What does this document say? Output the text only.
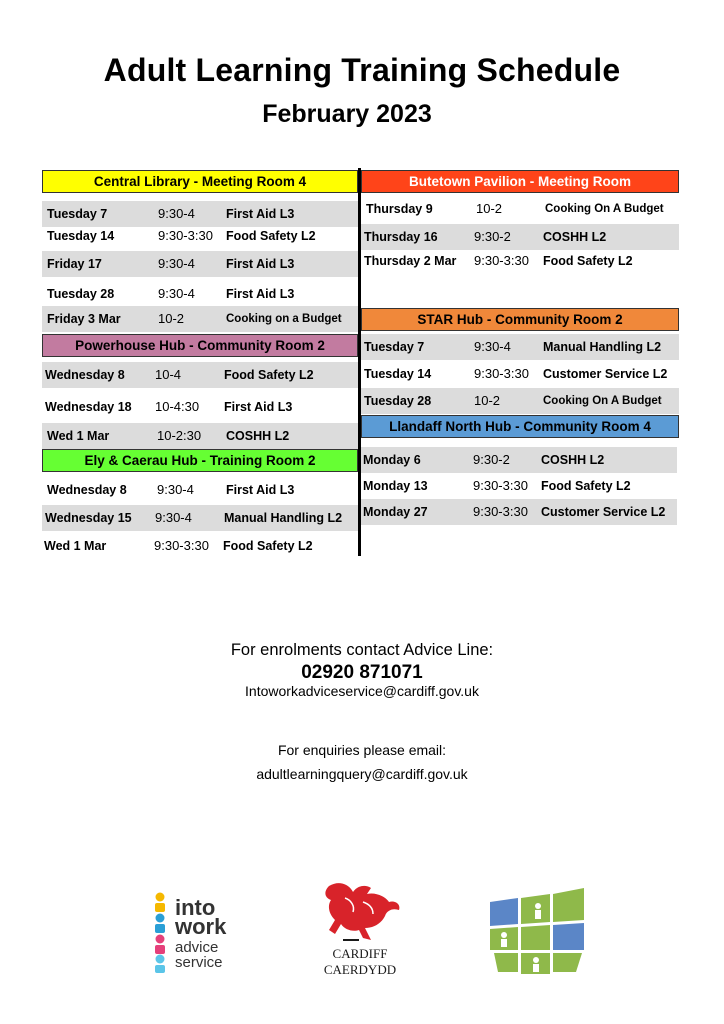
Adult Learning Training Schedule
February 2023
Central Library - Meeting Room 4
Tuesday 7	9:30-4 First Aid L3
Tuesday 14	9:30-3:30 Food Safety L2
Friday 17	9:30-4 First Aid L3
Tuesday 28	9:30-4 First Aid L3
Friday 3 Mar	10-2	Cooking on a Budget
Powerhouse Hub - Community Room 2
Wednesday 8 10-4	Food Safety L2
Wednesday 18 10-4:30 First Aid L3
Wed 1 Mar	10-2:30 COSHH L2
Ely & Caerau Hub - Training Room 2
Wednesday 8 9:30-4	First Aid L3
Wednesday 15 9:30-4	Manual Handling L2
Wed 1 Mar	9:30-3:30 Food Safety L2
Butetown Pavilion - Meeting Room
Thursday 9	10-2	Cooking On A Budget
Thursday 16	9:30-2	COSHH L2
Thursday 2 Mar 9:30-3:30 Food Safety L2
STAR Hub - Community Room 2
Tuesday 7	9:30-4	Manual Handling L2
Tuesday 14	9:30-3:30 Customer Service L2
Tuesday 28	10-2	Cooking On A Budget
Llandaff North Hub - Community Room 4
Monday 6	9:30-2 COSHH L2
Monday 13	9:30-3:30 Food Safety L2
Monday 27	9:30-3:30 Customer Service L2
For enrolments contact Advice Line:
02920 871071
Intoworkadviceservice@cardiff.gov.uk
For enquiries please email:
adultlearningquery@cardiff.gov.uk
into
work
advice
service
CARDIFF
CAERDYDD
